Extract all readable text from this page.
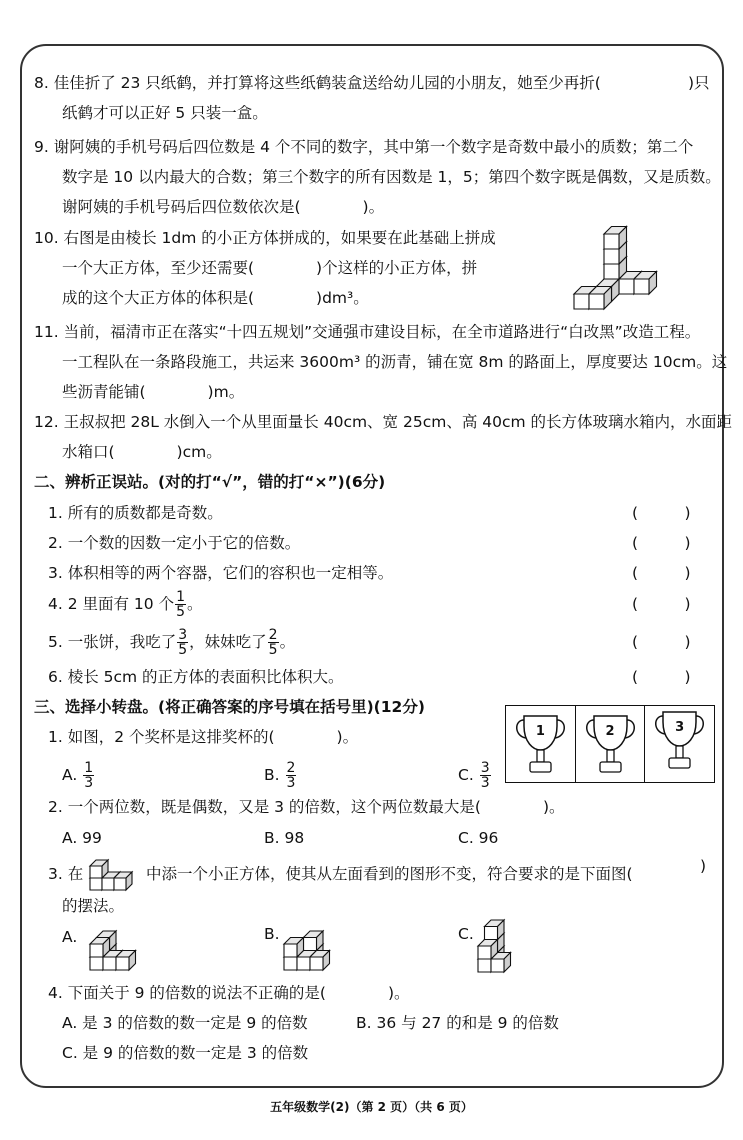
8. 佳佳折了 23 只纸鹤，并打算将这些纸鹤装盒送给幼儿园的小朋友，她至少再折(	)只
纸鹤才可以正好 5 只装一盒。
9. 谢阿姨的手机号码后四位数是 4 个不同的数字，其中第一个数字是奇数中最小的质数；第二个
数字是 10 以内最大的合数；第三个数字的所有因数是 1，5；第四个数字既是偶数，又是质数。
谢阿姨的手机号码后四位数依次是(　　　　)。
10. 右图是由棱长 1dm 的小正方体拼成的，如果要在此基础上拼成
一个大正方体，至少还需要(　　　　)个这样的小正方体，拼
成的这个大正方体的体积是(　　　　)dm³。
11. 当前，福清市正在落实“十四五规划”交通强市建设目标，在全市道路进行“白改黑”改造工程。
一工程队在一条路段施工，共运来 3600m³ 的沥青，铺在宽 8m 的路面上，厚度要达 10cm。这
些沥青能铺(　　　　)m。
12. 王叔叔把 28L 水倒入一个从里面量长 40cm、宽 25cm、高 40cm 的长方体玻璃水箱内，水面距
水箱口(　　　　)cm。
二、辨析正误站。(对的打“√”，错的打“×”)(6分)
1. 所有的质数都是奇数。	(　　　)
2. 一个数的因数一定小于它的倍数。	(　　　)
3. 体积相等的两个容器，它们的容积也一定相等。	(　　　)
4. 2 里面有 10 个 $\frac{1}{5}$ 。	(　　　)
5. 一张饼，我吃了 $\frac{3}{5}$ ，妹妹吃了 $\frac{2}{5}$ 。	(　　　)
6. 棱长 5cm 的正方体的表面积比体积大。	(　　　)
三、选择小转盘。(将正确答案的序号填在括号里)(12分)
1. 如图，2 个奖杯是这排奖杯的(　　　　)。
A. $\frac{1}{3}$	B. $\frac{2}{3}$	C. $\frac{3}{3}$
1	2	3
2. 一个两位数，既是偶数，又是 3 的倍数，这个两位数最大是(　　　　)。
A. 99	B. 98	C. 96
3. 在	中添一个小正方体，使其从左面看到的图形不变，符合要求的是下面图(	)
的摆法。
A.	B.	C.
4. 下面关于 9 的倍数的说法不正确的是(　　　　)。
A. 是 3 的倍数的数一定是 9 的倍数	B. 36 与 27 的和是 9 的倍数
C. 是 9 的倍数的数一定是 3 的倍数
五年级数学(2)（第 2 页）（共 6 页）
